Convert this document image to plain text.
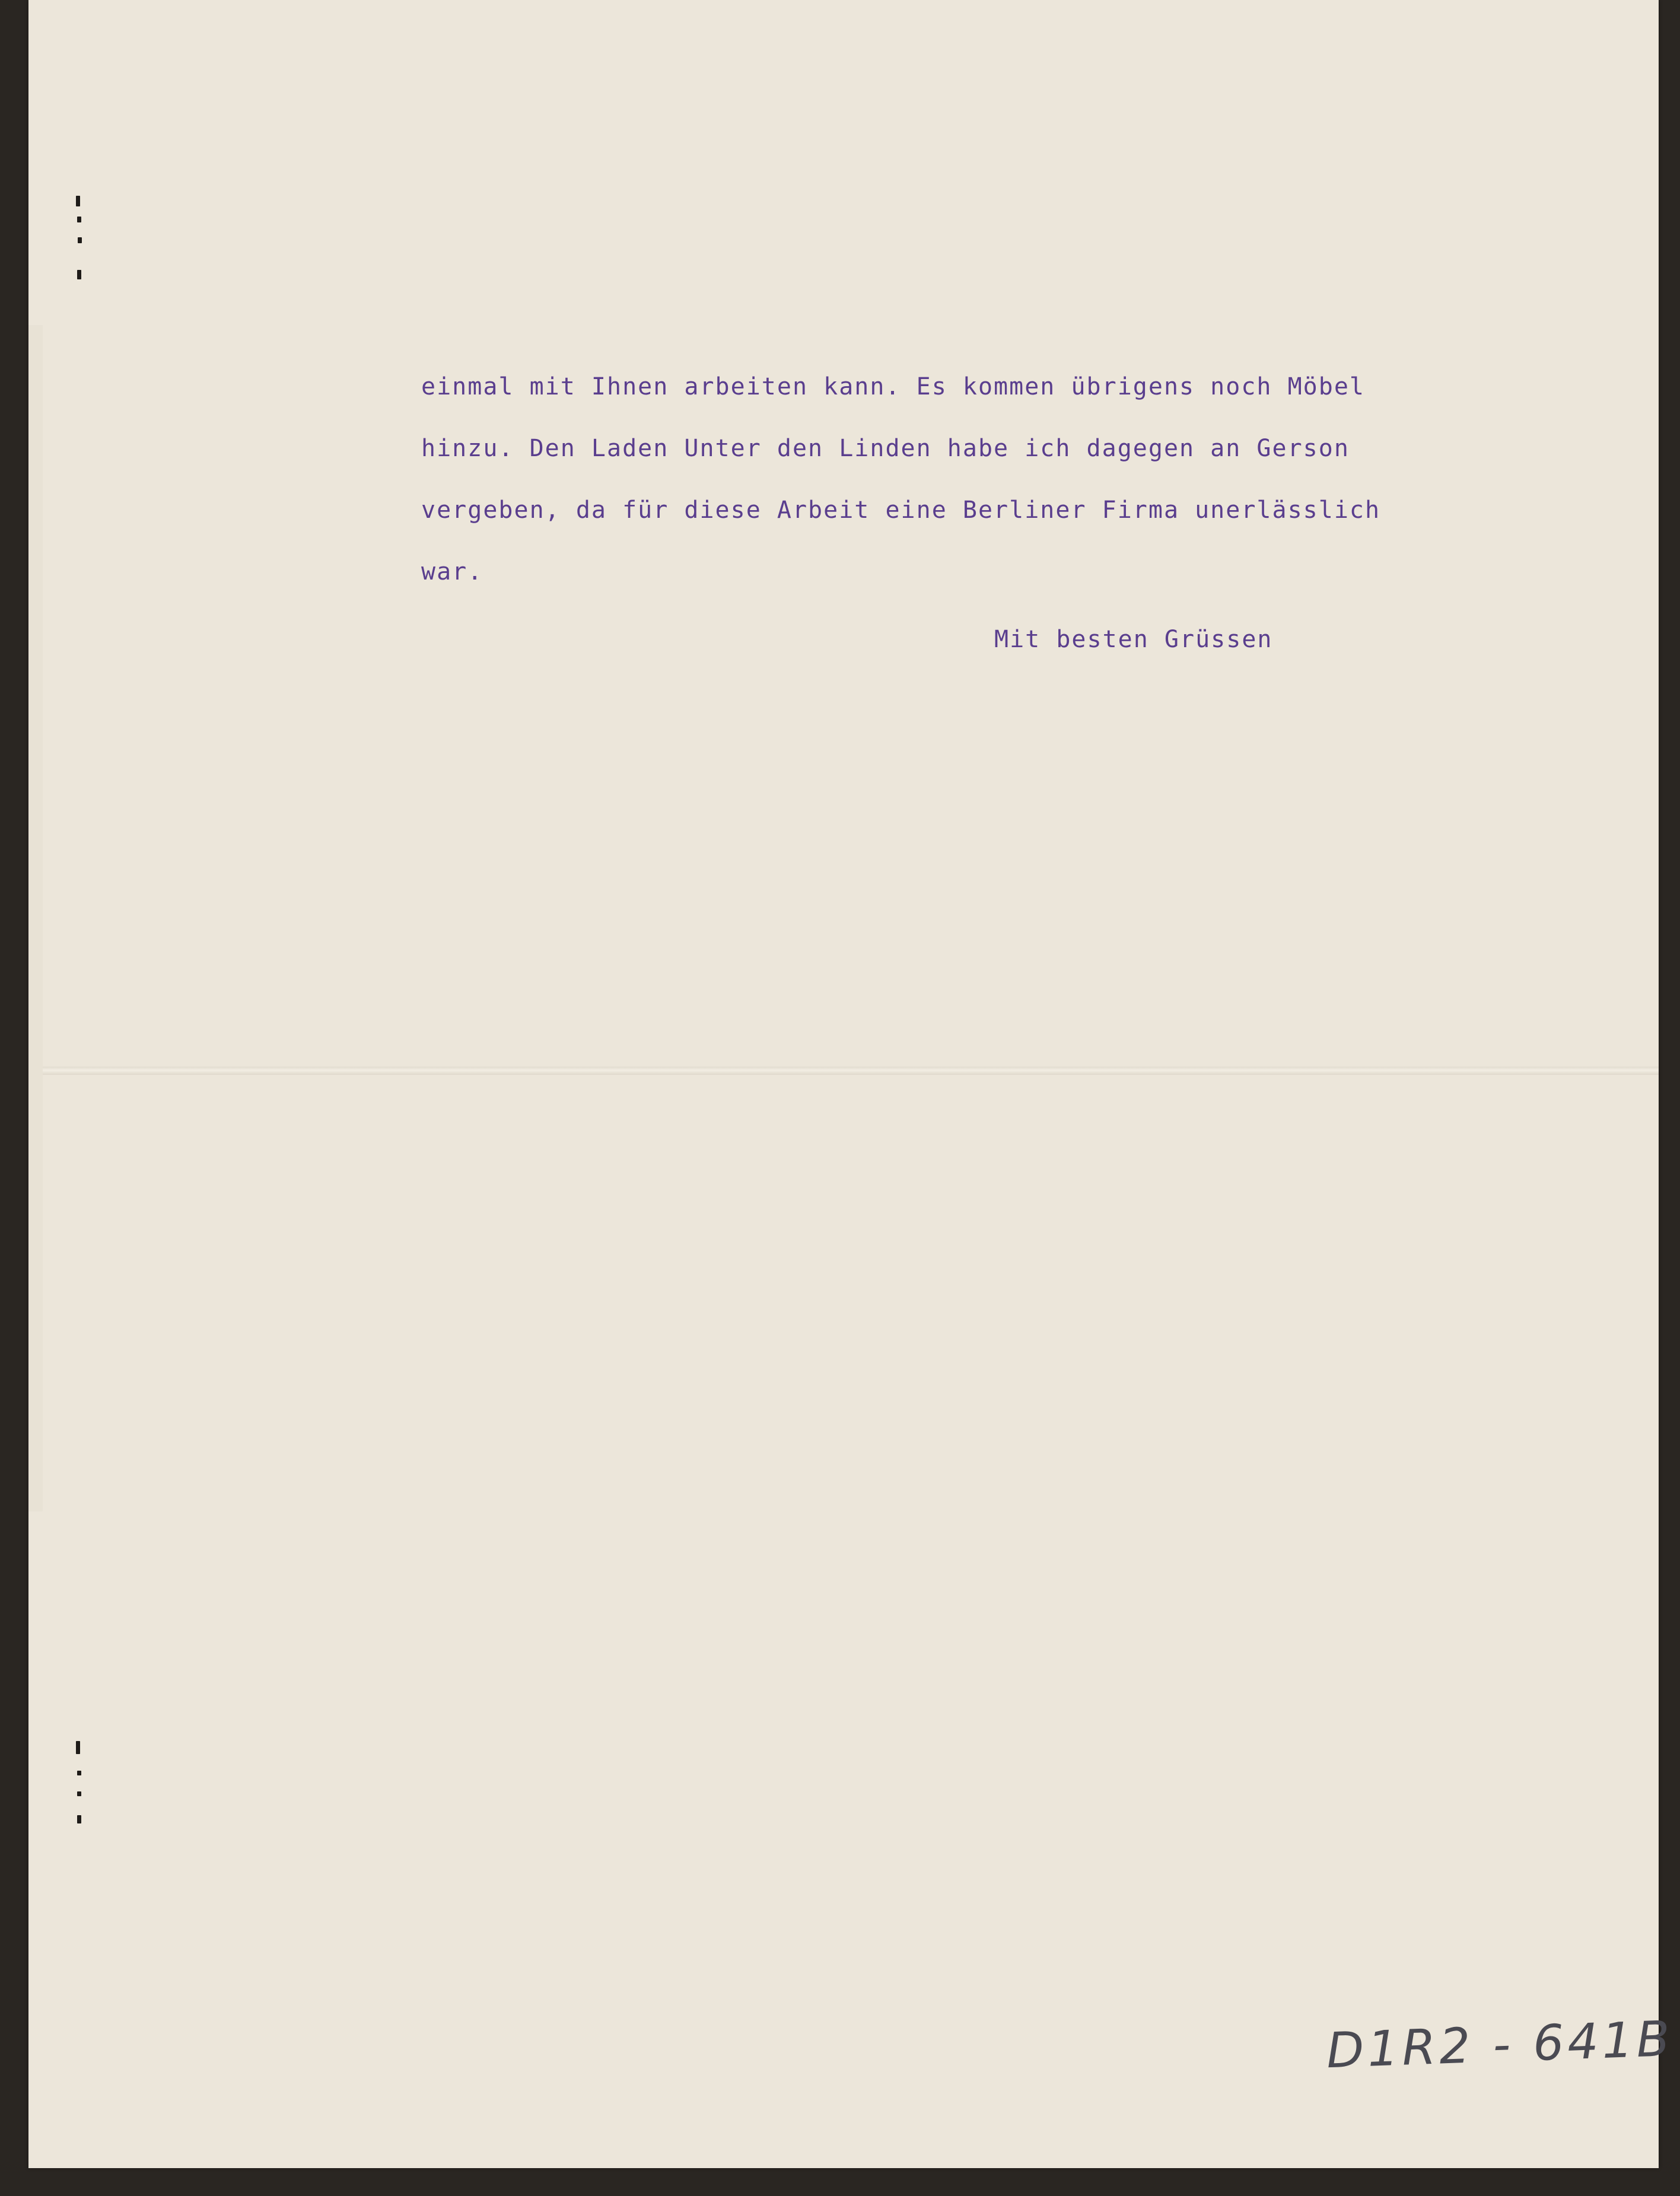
einmal mit Ihnen arbeiten kann. Es kommen übrigens noch Möbel

hinzu. Den Laden Unter den Linden habe ich dagegen an Gerson

vergeben, da für diese Arbeit eine Berliner Firma unerlässlich

war.

Mit besten Grüssen
D1R2 - 641B
